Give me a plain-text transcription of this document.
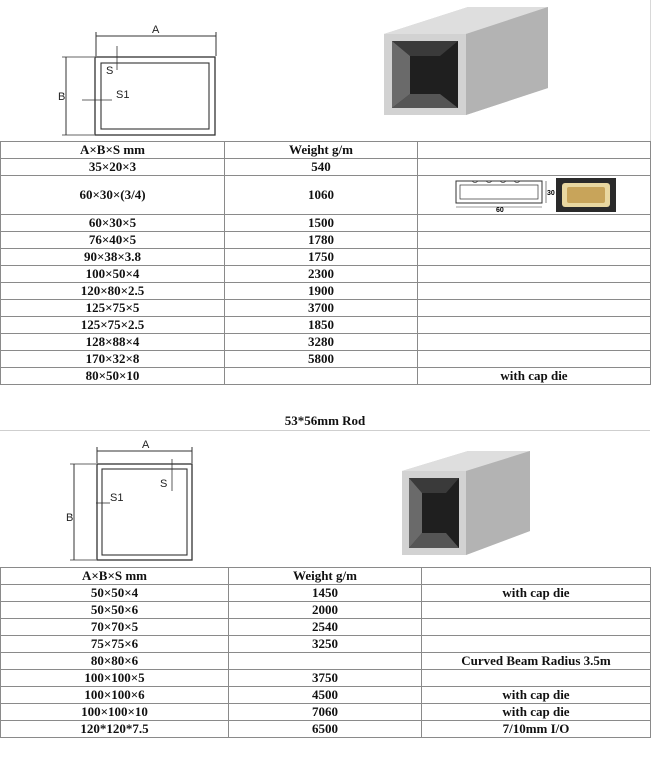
A
B
S
S1
A×B×S mm	Weight g/m	
35×20×3	540	
60×30×(3/4)	1060	60
30

60×30×5	1500	
76×40×5	1780	
90×38×3.8	1750	
100×50×4	2300	
120×80×2.5	1900	
125×75×5	3700	
125×75×2.5	1850	
128×88×4	3280	
170×32×8	5800	
80×50×10		with cap die
53*56mm Rod
A
B
S
S1
A×B×S mm	Weight g/m	
50×50×4	1450	with cap die
50×50×6	2000	
70×70×5	2540	
75×75×6	3250	
80×80×6		Curved Beam Radius 3.5m
100×100×5	3750	
100×100×6	4500	with cap die
100×100×10	7060	with cap die
120*120*7.5	6500	7/10mm I/O
